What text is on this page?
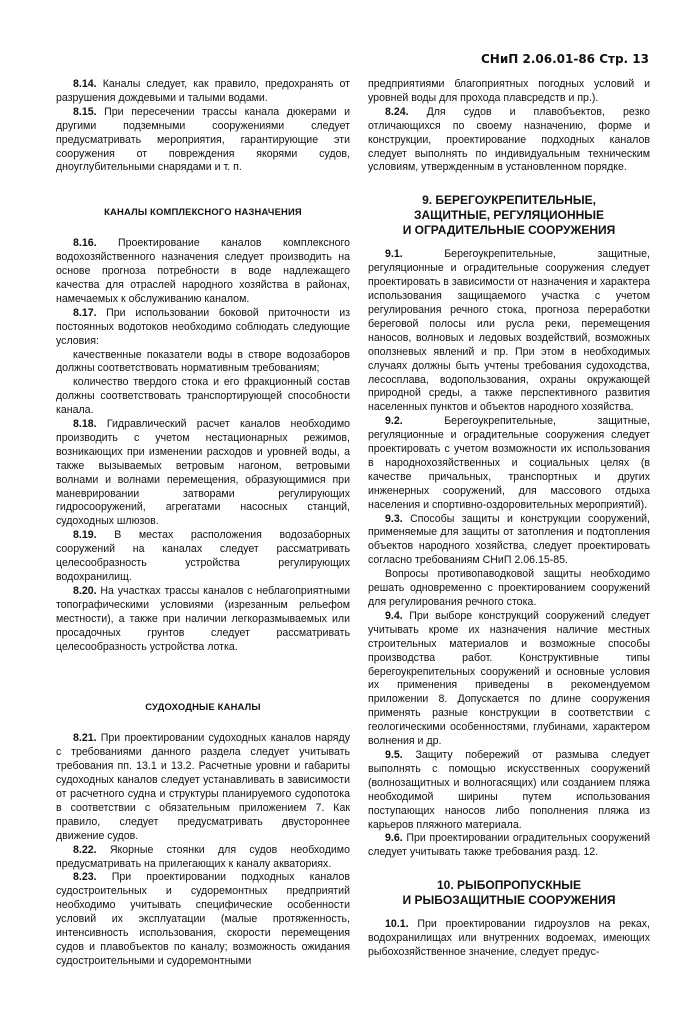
СНиП 2.06.01-86 Стр. 13

8.14. Каналы следует, как правило, предохранять от разрушения дождевыми и талыми водами.

8.15. При пересечении трассы канала дюкерами и другими подземными сооружениями следует предусматривать мероприятия, гарантирующие эти сооружения от повреждения якорями судов, дноуглубительными снарядами и т. п.

КАНАЛЫ КОМПЛЕКСНОГО НАЗНАЧЕНИЯ

8.16. Проектирование каналов комплексного водохозяйственного назначения следует производить на основе прогноза потребности в воде надлежащего качества для отраслей народного хозяйства в районах, намечаемых к обслуживанию каналом.

8.17. При использовании боковой приточности из постоянных водотоков необходимо соблюдать следующие условия:

качественные показатели воды в створе водозаборов должны соответствовать нормативным требованиям;

количество твердого стока и его фракционный состав должны соответствовать транспортирующей способности канала.

8.18. Гидравлический расчет каналов необходимо производить с учетом нестационарных режимов, возникающих при изменении расходов и уровней воды, а также вызываемых ветровым нагоном, ветровыми волнами и волнами перемещения, образующимися при маневрировании затворами регулирующих гидросооружений, агрегатами насосных станций, судоходных шлюзов.

8.19. В местах расположения водозаборных сооружений на каналах следует рассматривать целесообразность устройства регулирующих водохранилищ.

8.20. На участках трассы каналов с неблагоприятными топографическими условиями (изрезанным рельефом местности), а также при наличии легкоразмываемых или просадочных грунтов следует рассматривать целесообразность устройства лотка.

СУДОХОДНЫЕ КАНАЛЫ

8.21. При проектировании судоходных каналов наряду с требованиями данного раздела следует учитывать требования пп. 13.1 и 13.2. Расчетные уровни и габариты судоходных каналов следует устанавливать в зависимости от расчетного судна и структуры планируемого судопотока в соответствии с обязательным приложением 7. Как правило, следует предусматривать двустороннее движение судов.

8.22. Якорные стоянки для судов необходимо предусматривать на прилегающих к каналу акваториях.

8.23. При проектировании подходных каналов судостроительных и судоремонтных предприятий необходимо учитывать специфические особенности условий их эксплуатации (малые протяженность, интенсивность использования, скорости перемещения судов и плавобъектов по каналу; возможность ожидания судостроительными и судоремонтными

предприятиями благоприятных погодных условий и уровней воды для прохода плавсредств и пр.).

8.24. Для судов и плавобъектов, резко отличающихся по своему назначению, форме и конструкции, проектирование подходных каналов следует выполнять по индивидуальным техническим условиям, утвержденным в установленном порядке.

9. БЕРЕГОУКРЕПИТЕЛЬНЫЕ,
ЗАЩИТНЫЕ, РЕГУЛЯЦИОННЫЕ
И ОГРАДИТЕЛЬНЫЕ СООРУЖЕНИЯ

9.1.	Берегоукрепительные, защитные, регуляционные и оградительные сооружения следует проектировать в зависимости от назначения и характера использования защищаемого участка с учетом регулирования речного стока, прогноза переработки береговой полосы или русла реки, перемещения наносов, волновых и ледовых воздействий, возможных оползневых явлений и пр. При этом в необходимых случаях должны быть учтены требования судоходства, лесосплава, водопользования, охраны окружающей природной среды, а также перспективного развития населенных пунктов и объектов народного хозяйства.

9.2.	Берегоукрепительные, защитные, регуляционные и оградительные сооружения следует проектировать с учетом возможности их использования в народнохозяйственных и социальных целях (в качестве причальных, транспортных и других инженерных сооружений, для массового отдыха населения и спортивно-оздоровительных мероприятий).

9.3. Способы защиты и конструкции сооружений, применяемые для защиты от затопления и подтопления объектов народного хозяйства, следует проектировать согласно требованиям СНиП 2.06.15-85.

Вопросы противопаводковой защиты необходимо решать одновременно с проектированием сооружений для регулирования речного стока.

9.4. При выборе конструкций сооружений следует учитывать кроме их назначения наличие местных строительных материалов и возможные способы производства работ. Конструктивные типы берегоукрепительных сооружений и основные условия их применения приведены в рекомендуемом приложении 8. Допускается по длине сооружения применять разные конструкции в соответствии с геологическими особенностями, глубинами, характером волнения и др.

9.5. Защиту побережий от размыва следует выполнять с помощью искусственных сооружений (волнозащитных и волногасящих) или созданием пляжа необходимой ширины путем использования поступающих наносов либо пополнения пляжа из карьеров пляжного материала.

9.6. При проектировании оградительных сооружений следует учитывать также требования разд. 12.

10. РЫБОПРОПУСКНЫЕ
И РЫБОЗАЩИТНЫЕ СООРУЖЕНИЯ

10.1. При проектировании гидроузлов на реках, водохранилищах или внутренних водоемах, имеющих рыбохозяйственное значение, следует предус-
